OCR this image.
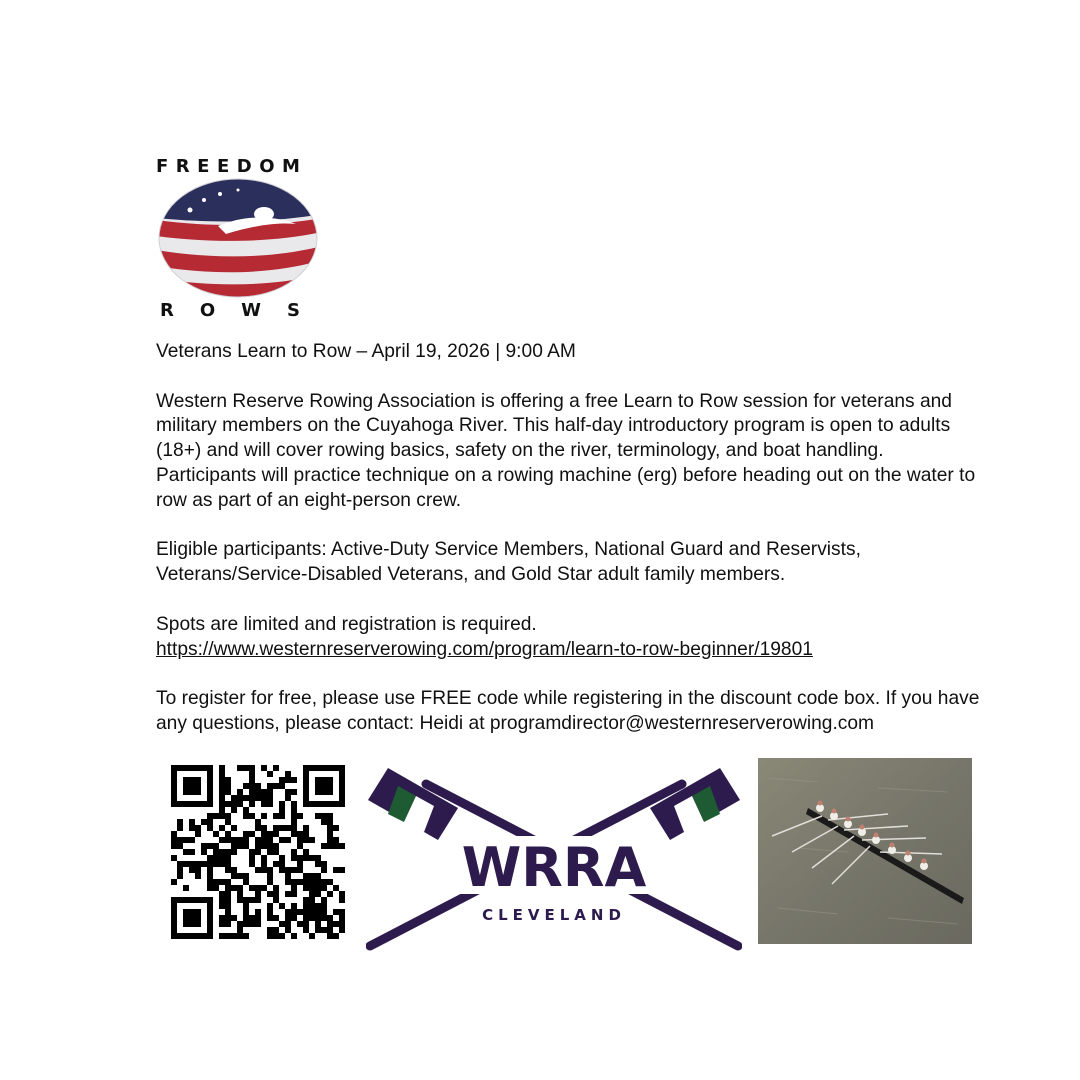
FREEDOM
ROWS

Veterans Learn to Row – April 19, 2026 | 9:00 AM

Western Reserve Rowing Association is offering a free Learn to Row session for veterans and military members on the Cuyahoga River. This half-day introductory program is open to adults (18+) and will cover rowing basics, safety on the river, terminology, and boat handling. Participants will practice technique on a rowing machine (erg) before heading out on the water to row as part of an eight-person crew.

Eligible participants: Active-Duty Service Members, National Guard and Reservists, Veterans/Service-Disabled Veterans, and Gold Star adult family members.

Spots are limited and registration is required.

https://www.westernreserverowing.com/program/learn-to-row-beginner/19801

To register for free, please use FREE code while registering in the discount code box. If you have any questions, please contact: Heidi at programdirector@westernreserverowing.com

WRRA
CLEVELAND
